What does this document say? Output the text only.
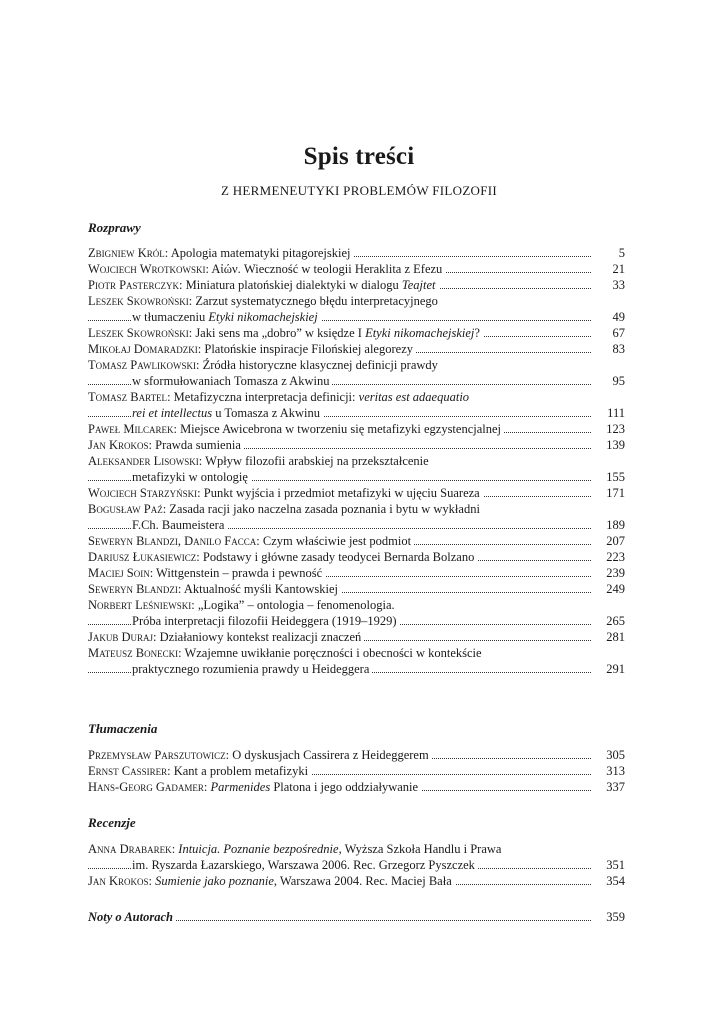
Spis treści
Z HERMENEUTYKI PROBLEMÓW FILOZOFII
Rozprawy
Zbigniew Król: Apologia matematyki pitagorejskiej	5
Wojciech Wrotkowski: Aἰών. Wieczność w teologii Heraklita z Efezu	21
Piotr Pasterczyk: Miniatura platońskiej dialektyki w dialogu Teajtet	33
Leszek Skowroński: Zarzut systematycznego błędu interpretacyjnego
w tłumaczeniu Etyki nikomachejskiej	49
Leszek Skowroński: Jaki sens ma „dobro” w księdze I Etyki nikomachejskiej?	67
Mikołaj Domaradzki: Platońskie inspiracje Filońskiej alegorezy	83
Tomasz Pawlikowski: Źródła historyczne klasycznej definicji prawdy
w sformułowaniach Tomasza z Akwinu	95
Tomasz Bartel: Metafizyczna interpretacja definicji: veritas est adaequatio
rei et intellectus u Tomasza z Akwinu	111
Paweł Milcarek: Miejsce Awicebrona w tworzeniu się metafizyki egzystencjalnej	123
Jan Krokos: Prawda sumienia	139
Aleksander Lisowski: Wpływ filozofii arabskiej na przekształcenie
metafizyki w ontologię	155
Wojciech Starzyński: Punkt wyjścia i przedmiot metafizyki w ujęciu Suareza	171
Bogusław Paź: Zasada racji jako naczelna zasada poznania i bytu w wykładni
F.Ch. Baumeistera	189
Seweryn Blandzi, Danilo Facca: Czym właściwie jest podmiot	207
Dariusz Łukasiewicz: Podstawy i główne zasady teodycei Bernarda Bolzano	223
Maciej Soin: Wittgenstein – prawda i pewność	239
Seweryn Blandzi: Aktualność myśli Kantowskiej	249
Norbert Leśniewski: „Logika” – ontologia – fenomenologia.
Próba interpretacji filozofii Heideggera (1919–1929)	265
Jakub Duraj: Działaniowy kontekst realizacji znaczeń	281
Mateusz Bonecki: Wzajemne uwikłanie poręczności i obecności w kontekście
praktycznego rozumienia prawdy u Heideggera	291
Tłumaczenia
Przemysław Parszutowicz: O dyskusjach Cassirera z Heideggerem	305
Ernst Cassirer: Kant a problem metafizyki	313
Hans-Georg Gadamer: Parmenides Platona i jego oddziaływanie	337
Recenzje
Anna Drabarek: Intuicja. Poznanie bezpośrednie, Wyższa Szkoła Handlu i Prawa
im. Ryszarda Łazarskiego, Warszawa 2006. Rec. Grzegorz Pyszczek	351
Jan Krokos: Sumienie jako poznanie, Warszawa 2004. Rec. Maciej Bała	354
Noty o Autorach	359
